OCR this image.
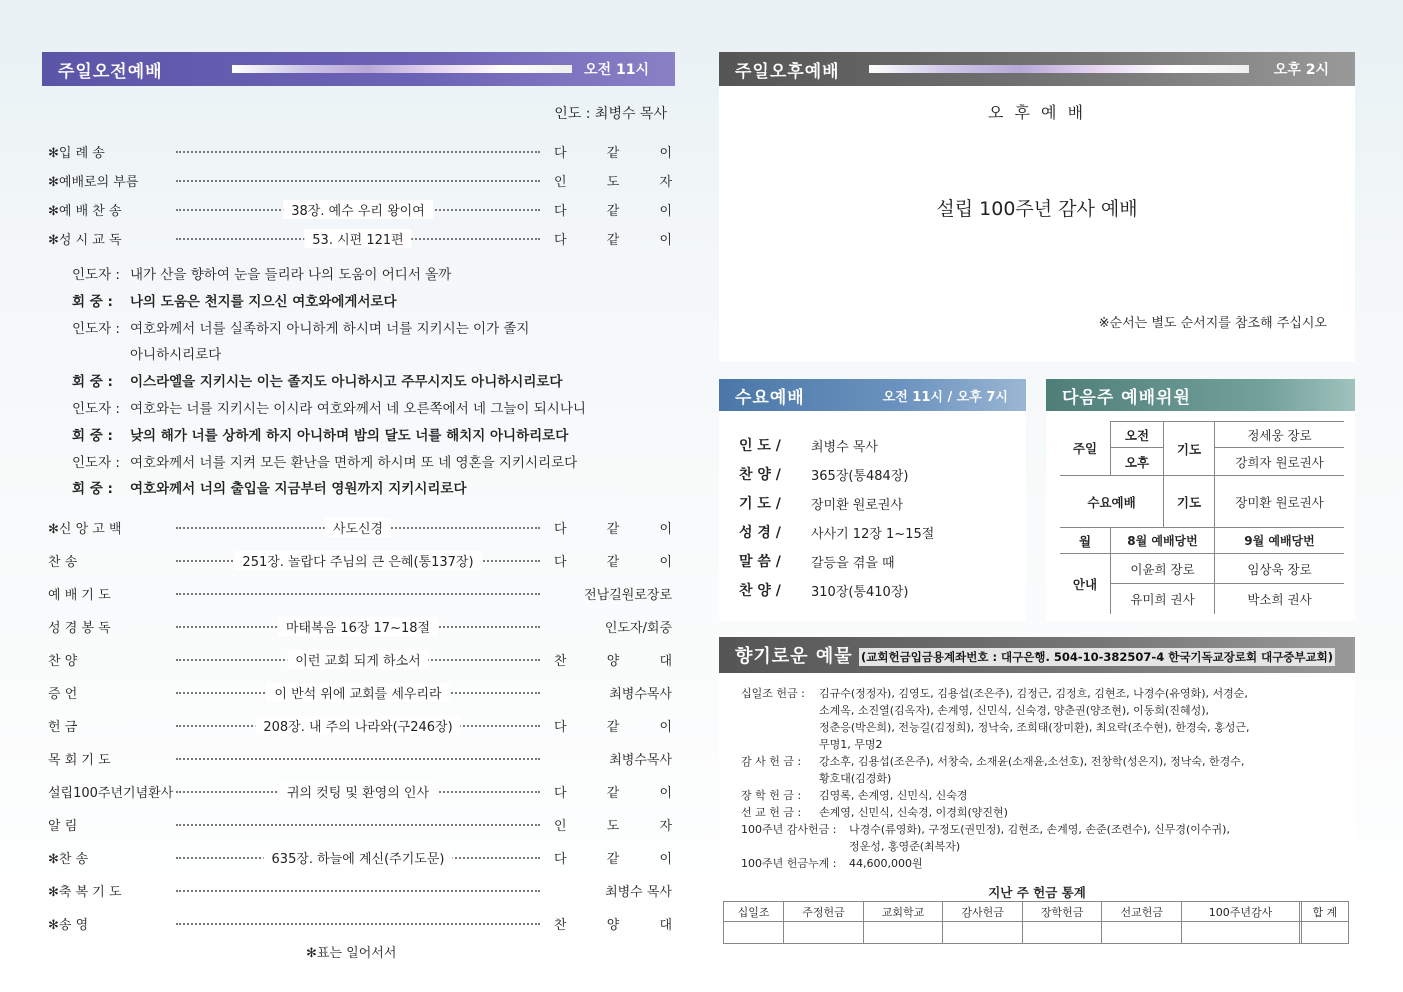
주일오전예배	오전 11시
인도 : 최병수 목사
✻입 례 송	다	같	이
✻예배로의 부름	인	도	자
✻예 배 찬 송	38장. 예수 우리 왕이여	다	같	이
✻성 시 교 독	53. 시편 121편	다	같	이
인도자 : 내가 산을 향하여 눈을 들리라 나의 도움이 어디서 올까
회 중 : 나의 도움은 천지를 지으신 여호와에게서로다
인도자 : 여호와께서 너를 실족하지 아니하게 하시며 너를 지키시는 이가 졸지
아니하시리로다
회 중 : 이스라엘을 지키시는 이는 졸지도 아니하시고 주무시지도 아니하시리로다
인도자 : 여호와는 너를 지키시는 이시라 여호와께서 네 오른쪽에서 네 그늘이 되시나니
회 중 : 낮의 해가 너를 상하게 하지 아니하며 밤의 달도 너를 해치지 아니하리로다
인도자 : 여호와께서 너를 지켜 모든 환난을 면하게 하시며 또 네 영혼을 지키시리로다
회 중 : 여호와께서 너의 출입을 지금부터 영원까지 지키시리로다
✻신 앙 고 백	사도신경	다	같	이
찬 송	251장. 놀랍다 주님의 큰 은혜(통137장)	다	같	이
예 배 기 도	전남길원로장로
성 경 봉 독	마태복음 16장 17~18절	인도자/회중
찬 양	이런 교회 되게 하소서	찬	양	대
증 언	이 반석 위에 교회를 세우리라	최병수목사
헌 금	208장. 내 주의 나라와(구246장)	다	같	이
목 회 기 도	최병수목사
설립100주년기념환사	귀의 컷팅 및 환영의 인사	다	같	이
알 림	인	도	자
✻찬 송	635장. 하늘에 계신(주기도문)	다	같	이
✻축 복 기 도	최병수 목사
✻송 영	찬	양	대
✻표는 일어서서
주일오후예배	오후 2시
오 후 예 배
설립 100주년 감사 예배
※순서는 별도 순서지를 참조해 주십시오
수요예배	오전 11시 / 오후 7시
인 도 / 최병수 목사
찬 양 / 365장(통484장)
기 도 / 장미환 원로권사
성 경 / 사사기 12장 1~15절
말 씀 / 갈등을 겪을 때
찬 양 / 310장(통410장)
다음주 예배위원
주일	오전	기도	정세웅 장로
	오후		강희자 원로권사
수요예배		기도	장미환 원로권사
월	8월 예배당번		9월 예배당번
안내	이윤희 장로		임상욱 장로
	유미희 권사		박소희 권사
향기로운 예물 (교회헌금입금용계좌번호 : 대구은행. 504-10-382507-4 한국기독교장로회 대구중부교회)
십일조 헌금 : 김규수(정정자), 김영도, 김용섭(조은주), 김정근, 김정흐, 김현조, 나경수(유영화), 서경순,
소계옥, 소진열(김옥자), 손계영, 신민식, 신숙경, 양춘권(양조현), 이동희(진혜성),
정춘응(박은희), 전능길(김정희), 정낙숙, 조희태(장미환), 최요락(조수현), 한경숙, 홍성근,
무명1, 무명2
감 사 헌 금 : 강소후, 김용섭(조은주), 서창숙, 소재윤(소재윤,소선호), 전창학(성은지), 정낙숙, 한경수,
황호대(김경화)
장 학 헌 금 : 김영록, 손계영, 신민식, 신숙경
선 교 헌 금 : 손계영, 신민식, 신숙경, 이경희(양진현)
100주년 감사헌금 : 나경수(류영화), 구정도(권민정), 김현조, 손계영, 손준(조련수), 신무경(이수귀),
정운성, 홍영준(최복자)
100주년 헌금누계 : 44,600,000원
지난 주 헌금 통계
십일조	주정헌금	교회학교	감사헌금	장학헌금	선교헌금	100주년감사		합 계
